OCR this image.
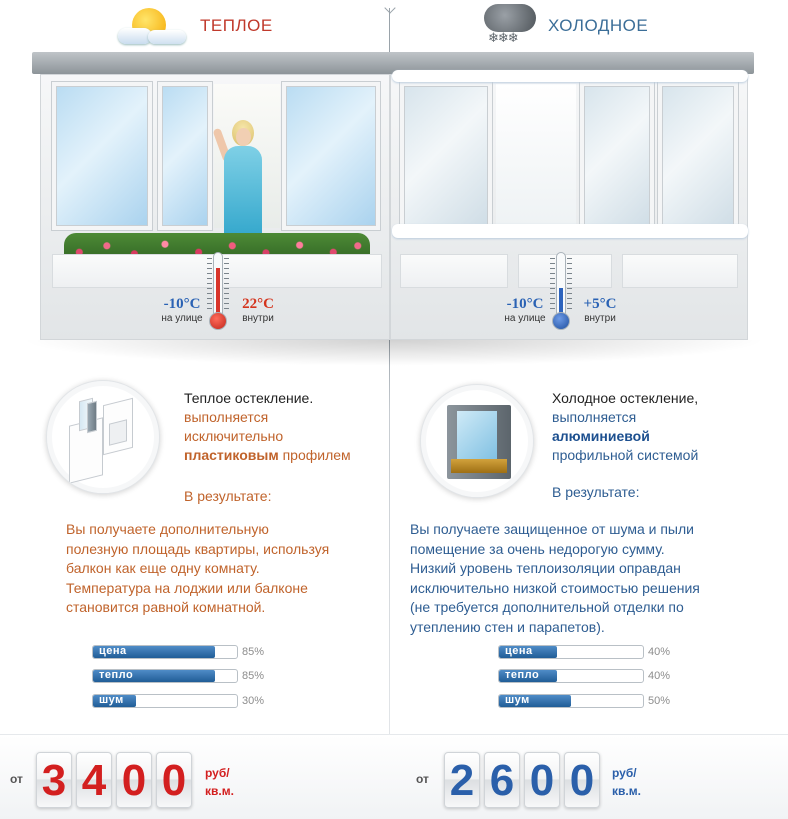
ТЕПЛОЕ
❄❄❄
ХОЛОДНОЕ
-10°C
на улице
22°C
внутри
-10°C
на улице
+5°C
внутри
Теплое остекление.
выполняется
исключительно
пластиковым профилем
В результате:
Вы получаете дополнительную
полезную площадь квартиры, используя
балкон как еще одну комнату.
Температура на лоджии или балконе
становится равной комнатной.
Холодное остекление,
выполняется
алюминиевой
профильной системой
В результате:
Вы получаете защищенное от шума и пыли
помещение за очень недорогую сумму.
Низкий уровень теплоизоляции оправдан
исключительно низкой стоимостью решения
(не требуется дополнительной отделки по
утеплению стен и парапетов).
цена	85%
тепло	85%
шум	30%
цена	40%
тепло	40%
шум	50%
от 3 4 0 0	руб/
кв.м.
от 2 6 0 0	руб/
кв.м.
